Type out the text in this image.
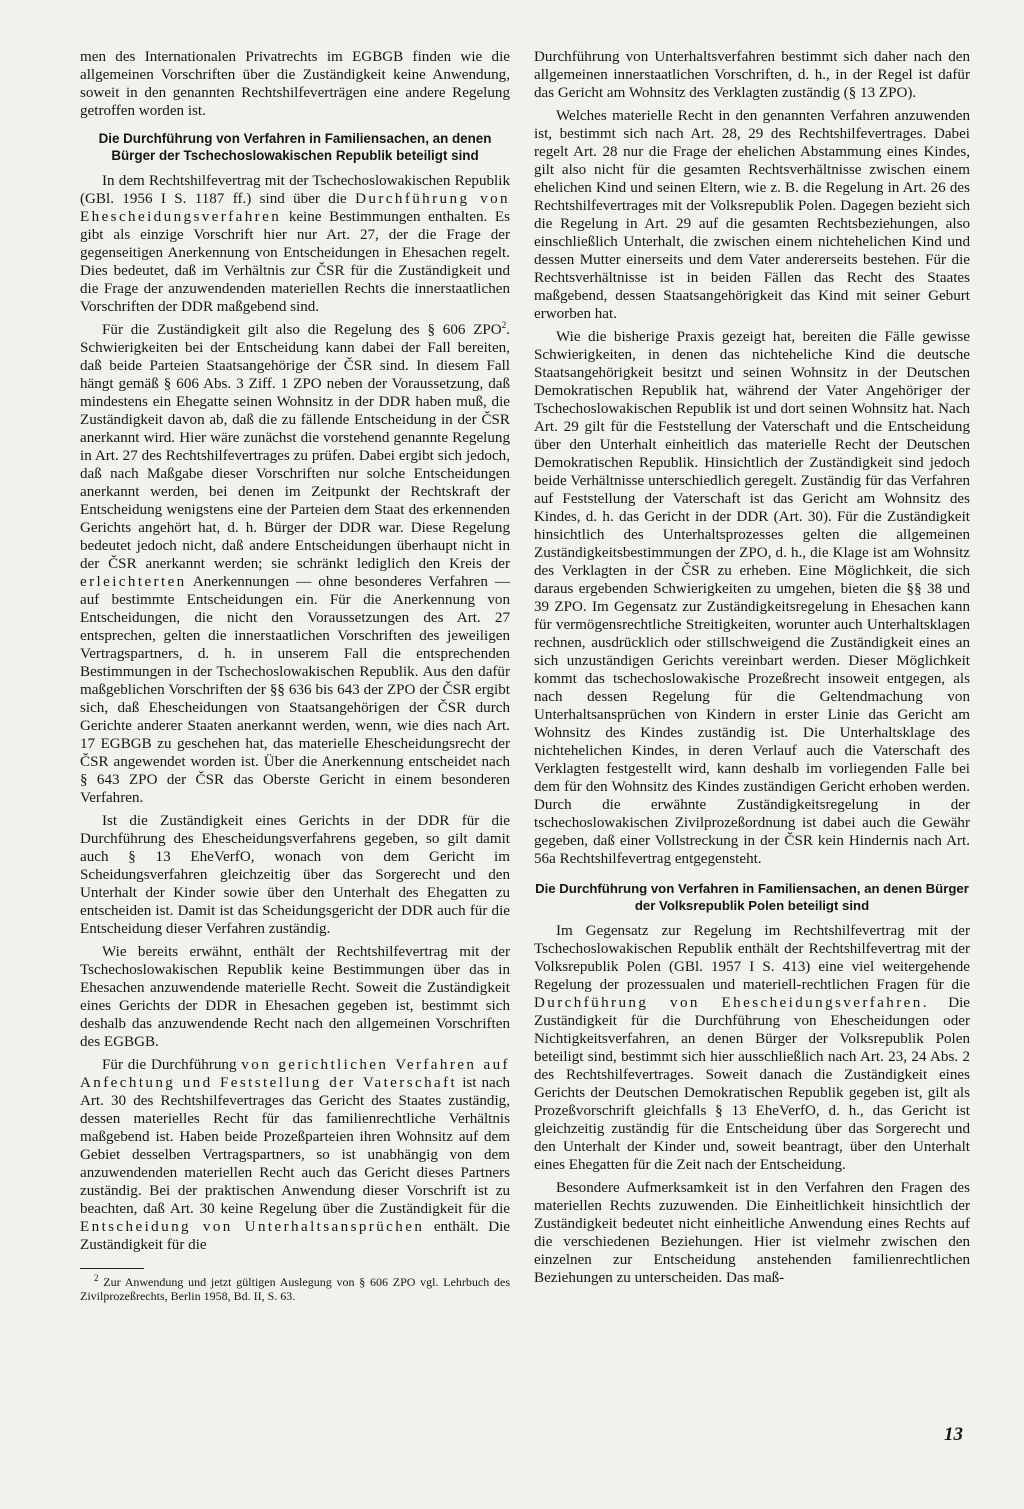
men des Internationalen Privatrechts im EGBGB finden wie die allgemeinen Vorschriften über die Zuständigkeit keine Anwendung, soweit in den genannten Rechtshilfeverträgen eine andere Regelung getroffen worden ist.

Die Durchführung von Verfahren in Familiensachen, an denen Bürger der Tschechoslowakischen Republik beteiligt sind

In dem Rechtshilfevertrag mit der Tschechoslowakischen Republik (GBl. 1956 I S. 1187 ff.) sind über die Durchführung von Ehescheidungsverfahren keine Bestimmungen enthalten. Es gibt als einzige Vorschrift hier nur Art. 27, der die Frage der gegenseitigen Anerkennung von Entscheidungen in Ehesachen regelt. Dies bedeutet, daß im Verhältnis zur ČSR für die Zuständigkeit und die Frage der anzuwendenden materiellen Rechts die innerstaatlichen Vorschriften der DDR maßgebend sind.

Für die Zuständigkeit gilt also die Regelung des § 606 ZPO$^2$. Schwierigkeiten bei der Entscheidung kann dabei der Fall bereiten, daß beide Parteien Staatsangehörige der ČSR sind. In diesem Fall hängt gemäß § 606 Abs. 3 Ziff. 1 ZPO neben der Voraussetzung, daß mindestens ein Ehegatte seinen Wohnsitz in der DDR haben muß, die Zuständigkeit davon ab, daß die zu fällende Entscheidung in der ČSR anerkannt wird. Hier wäre zunächst die vorstehend genannte Regelung in Art. 27 des Rechtshilfevertrages zu prüfen. Dabei ergibt sich jedoch, daß nach Maßgabe dieser Vorschriften nur solche Entscheidungen anerkannt werden, bei denen im Zeitpunkt der Rechtskraft der Entscheidung wenigstens eine der Parteien dem Staat des erkennenden Gerichts angehört hat, d. h. Bürger der DDR war. Diese Regelung bedeutet jedoch nicht, daß andere Entscheidungen überhaupt nicht in der ČSR anerkannt werden; sie schränkt lediglich den Kreis der erleichterten Anerkennungen — ohne besonderes Verfahren — auf bestimmte Entscheidungen ein. Für die Anerkennung von Entscheidungen, die nicht den Voraussetzungen des Art. 27 entsprechen, gelten die innerstaatlichen Vorschriften des jeweiligen Vertragspartners, d. h. in unserem Fall die entsprechenden Bestimmungen in der Tschechoslowakischen Republik. Aus den dafür maßgeblichen Vorschriften der §§ 636 bis 643 der ZPO der ČSR ergibt sich, daß Ehescheidungen von Staatsangehörigen der ČSR durch Gerichte anderer Staaten anerkannt werden, wenn, wie dies nach Art. 17 EGBGB zu geschehen hat, das materielle Ehescheidungsrecht der ČSR angewendet worden ist. Über die Anerkennung entscheidet nach § 643 ZPO der ČSR das Oberste Gericht in einem besonderen Verfahren.

Ist die Zuständigkeit eines Gerichts in der DDR für die Durchführung des Ehescheidungsverfahrens gegeben, so gilt damit auch § 13 EheVerfO, wonach von dem Gericht im Scheidungsverfahren gleichzeitig über das Sorgerecht und den Unterhalt der Kinder sowie über den Unterhalt des Ehegatten zu entscheiden ist. Damit ist das Scheidungsgericht der DDR auch für die Entscheidung dieser Verfahren zuständig.

Wie bereits erwähnt, enthält der Rechtshilfevertrag mit der Tschechoslowakischen Republik keine Bestimmungen über das in Ehesachen anzuwendende materielle Recht. Soweit die Zuständigkeit eines Gerichts der DDR in Ehesachen gegeben ist, bestimmt sich deshalb das anzuwendende Recht nach den allgemeinen Vorschriften des EGBGB.

Für die Durchführung von gerichtlichen Verfahren auf Anfechtung und Feststellung der Vaterschaft ist nach Art. 30 des Rechtshilfevertrages das Gericht des Staates zuständig, dessen materielles Recht für das familienrechtliche Verhältnis maßgebend ist. Haben beide Prozeßparteien ihren Wohnsitz auf dem Gebiet desselben Vertragspartners, so ist unabhängig von dem anzuwendenden materiellen Recht auch das Gericht dieses Partners zuständig. Bei der praktischen Anwendung dieser Vorschrift ist zu beachten, daß Art. 30 keine Regelung über die Zuständigkeit für die Entscheidung von Unterhaltsansprüchen enthält. Die Zuständigkeit für die

$^2$ Zur Anwendung und jetzt gültigen Auslegung von § 606 ZPO vgl. Lehrbuch des Zivilprozeßrechts, Berlin 1958, Bd. II, S. 63.

Durchführung von Unterhaltsverfahren bestimmt sich daher nach den allgemeinen innerstaatlichen Vorschriften, d. h., in der Regel ist dafür das Gericht am Wohnsitz des Verklagten zuständig (§ 13 ZPO).

Welches materielle Recht in den genannten Verfahren anzuwenden ist, bestimmt sich nach Art. 28, 29 des Rechtshilfevertrages. Dabei regelt Art. 28 nur die Frage der ehelichen Abstammung eines Kindes, gilt also nicht für die gesamten Rechtsverhältnisse zwischen einem ehelichen Kind und seinen Eltern, wie z. B. die Regelung in Art. 26 des Rechtshilfevertrages mit der Volksrepublik Polen. Dagegen bezieht sich die Regelung in Art. 29 auf die gesamten Rechtsbeziehungen, also einschließlich Unterhalt, die zwischen einem nichtehelichen Kind und dessen Mutter einerseits und dem Vater andererseits bestehen. Für die Rechtsverhältnisse ist in beiden Fällen das Recht des Staates maßgebend, dessen Staatsangehörigkeit das Kind mit seiner Geburt erworben hat.

Wie die bisherige Praxis gezeigt hat, bereiten die Fälle gewisse Schwierigkeiten, in denen das nichteheliche Kind die deutsche Staatsangehörigkeit besitzt und seinen Wohnsitz in der Deutschen Demokratischen Republik hat, während der Vater Angehöriger der Tschechoslowakischen Republik ist und dort seinen Wohnsitz hat. Nach Art. 29 gilt für die Feststellung der Vaterschaft und die Entscheidung über den Unterhalt einheitlich das materielle Recht der Deutschen Demokratischen Republik. Hinsichtlich der Zuständigkeit sind jedoch beide Verhältnisse unterschiedlich geregelt. Zuständig für das Verfahren auf Feststellung der Vaterschaft ist das Gericht am Wohnsitz des Kindes, d. h. das Gericht in der DDR (Art. 30). Für die Zuständigkeit hinsichtlich des Unterhaltsprozesses gelten die allgemeinen Zuständigkeitsbestimmungen der ZPO, d. h., die Klage ist am Wohnsitz des Verklagten in der ČSR zu erheben. Eine Möglichkeit, die sich daraus ergebenden Schwierigkeiten zu umgehen, bieten die §§ 38 und 39 ZPO. Im Gegensatz zur Zuständigkeitsregelung in Ehesachen kann für vermögensrechtliche Streitigkeiten, worunter auch Unterhaltsklagen rechnen, ausdrücklich oder stillschweigend die Zuständigkeit eines an sich unzuständigen Gerichts vereinbart werden. Dieser Möglichkeit kommt das tschechoslowakische Prozeßrecht insoweit entgegen, als nach dessen Regelung für die Geltendmachung von Unterhaltsansprüchen von Kindern in erster Linie das Gericht am Wohnsitz des Kindes zuständig ist. Die Unterhaltsklage des nichtehelichen Kindes, in deren Verlauf auch die Vaterschaft des Verklagten festgestellt wird, kann deshalb im vorliegenden Falle bei dem für den Wohnsitz des Kindes zuständigen Gericht erhoben werden. Durch die erwähnte Zuständigkeitsregelung in der tschechoslowakischen Zivilprozeßordnung ist dabei auch die Gewähr gegeben, daß einer Vollstreckung in der ČSR kein Hindernis nach Art. 56a Rechtshilfevertrag entgegensteht.

Die Durchführung von Verfahren in Familiensachen, an denen Bürger der Volksrepublik Polen beteiligt sind

Im Gegensatz zur Regelung im Rechtshilfevertrag mit der Tschechoslowakischen Republik enthält der Rechtshilfevertrag mit der Volksrepublik Polen (GBl. 1957 I S. 413) eine viel weitergehende Regelung der prozessualen und materiell-rechtlichen Fragen für die Durchführung von Ehescheidungsverfahren. Die Zuständigkeit für die Durchführung von Ehescheidungen oder Nichtigkeitsverfahren, an denen Bürger der Volksrepublik Polen beteiligt sind, bestimmt sich hier ausschließlich nach Art. 23, 24 Abs. 2 des Rechtshilfevertrages. Soweit danach die Zuständigkeit eines Gerichts der Deutschen Demokratischen Republik gegeben ist, gilt als Prozeßvorschrift gleichfalls § 13 EheVerfO, d. h., das Gericht ist gleichzeitig zuständig für die Entscheidung über das Sorgerecht und den Unterhalt der Kinder und, soweit beantragt, über den Unterhalt eines Ehegatten für die Zeit nach der Entscheidung.

Besondere Aufmerksamkeit ist in den Verfahren den Fragen des materiellen Rechts zuzuwenden. Die Einheitlichkeit hinsichtlich der Zuständigkeit bedeutet nicht einheitliche Anwendung eines Rechts auf die verschiedenen Beziehungen. Hier ist vielmehr zwischen den einzelnen zur Entscheidung anstehenden familienrechtlichen Beziehungen zu unterscheiden. Das maß-

13
